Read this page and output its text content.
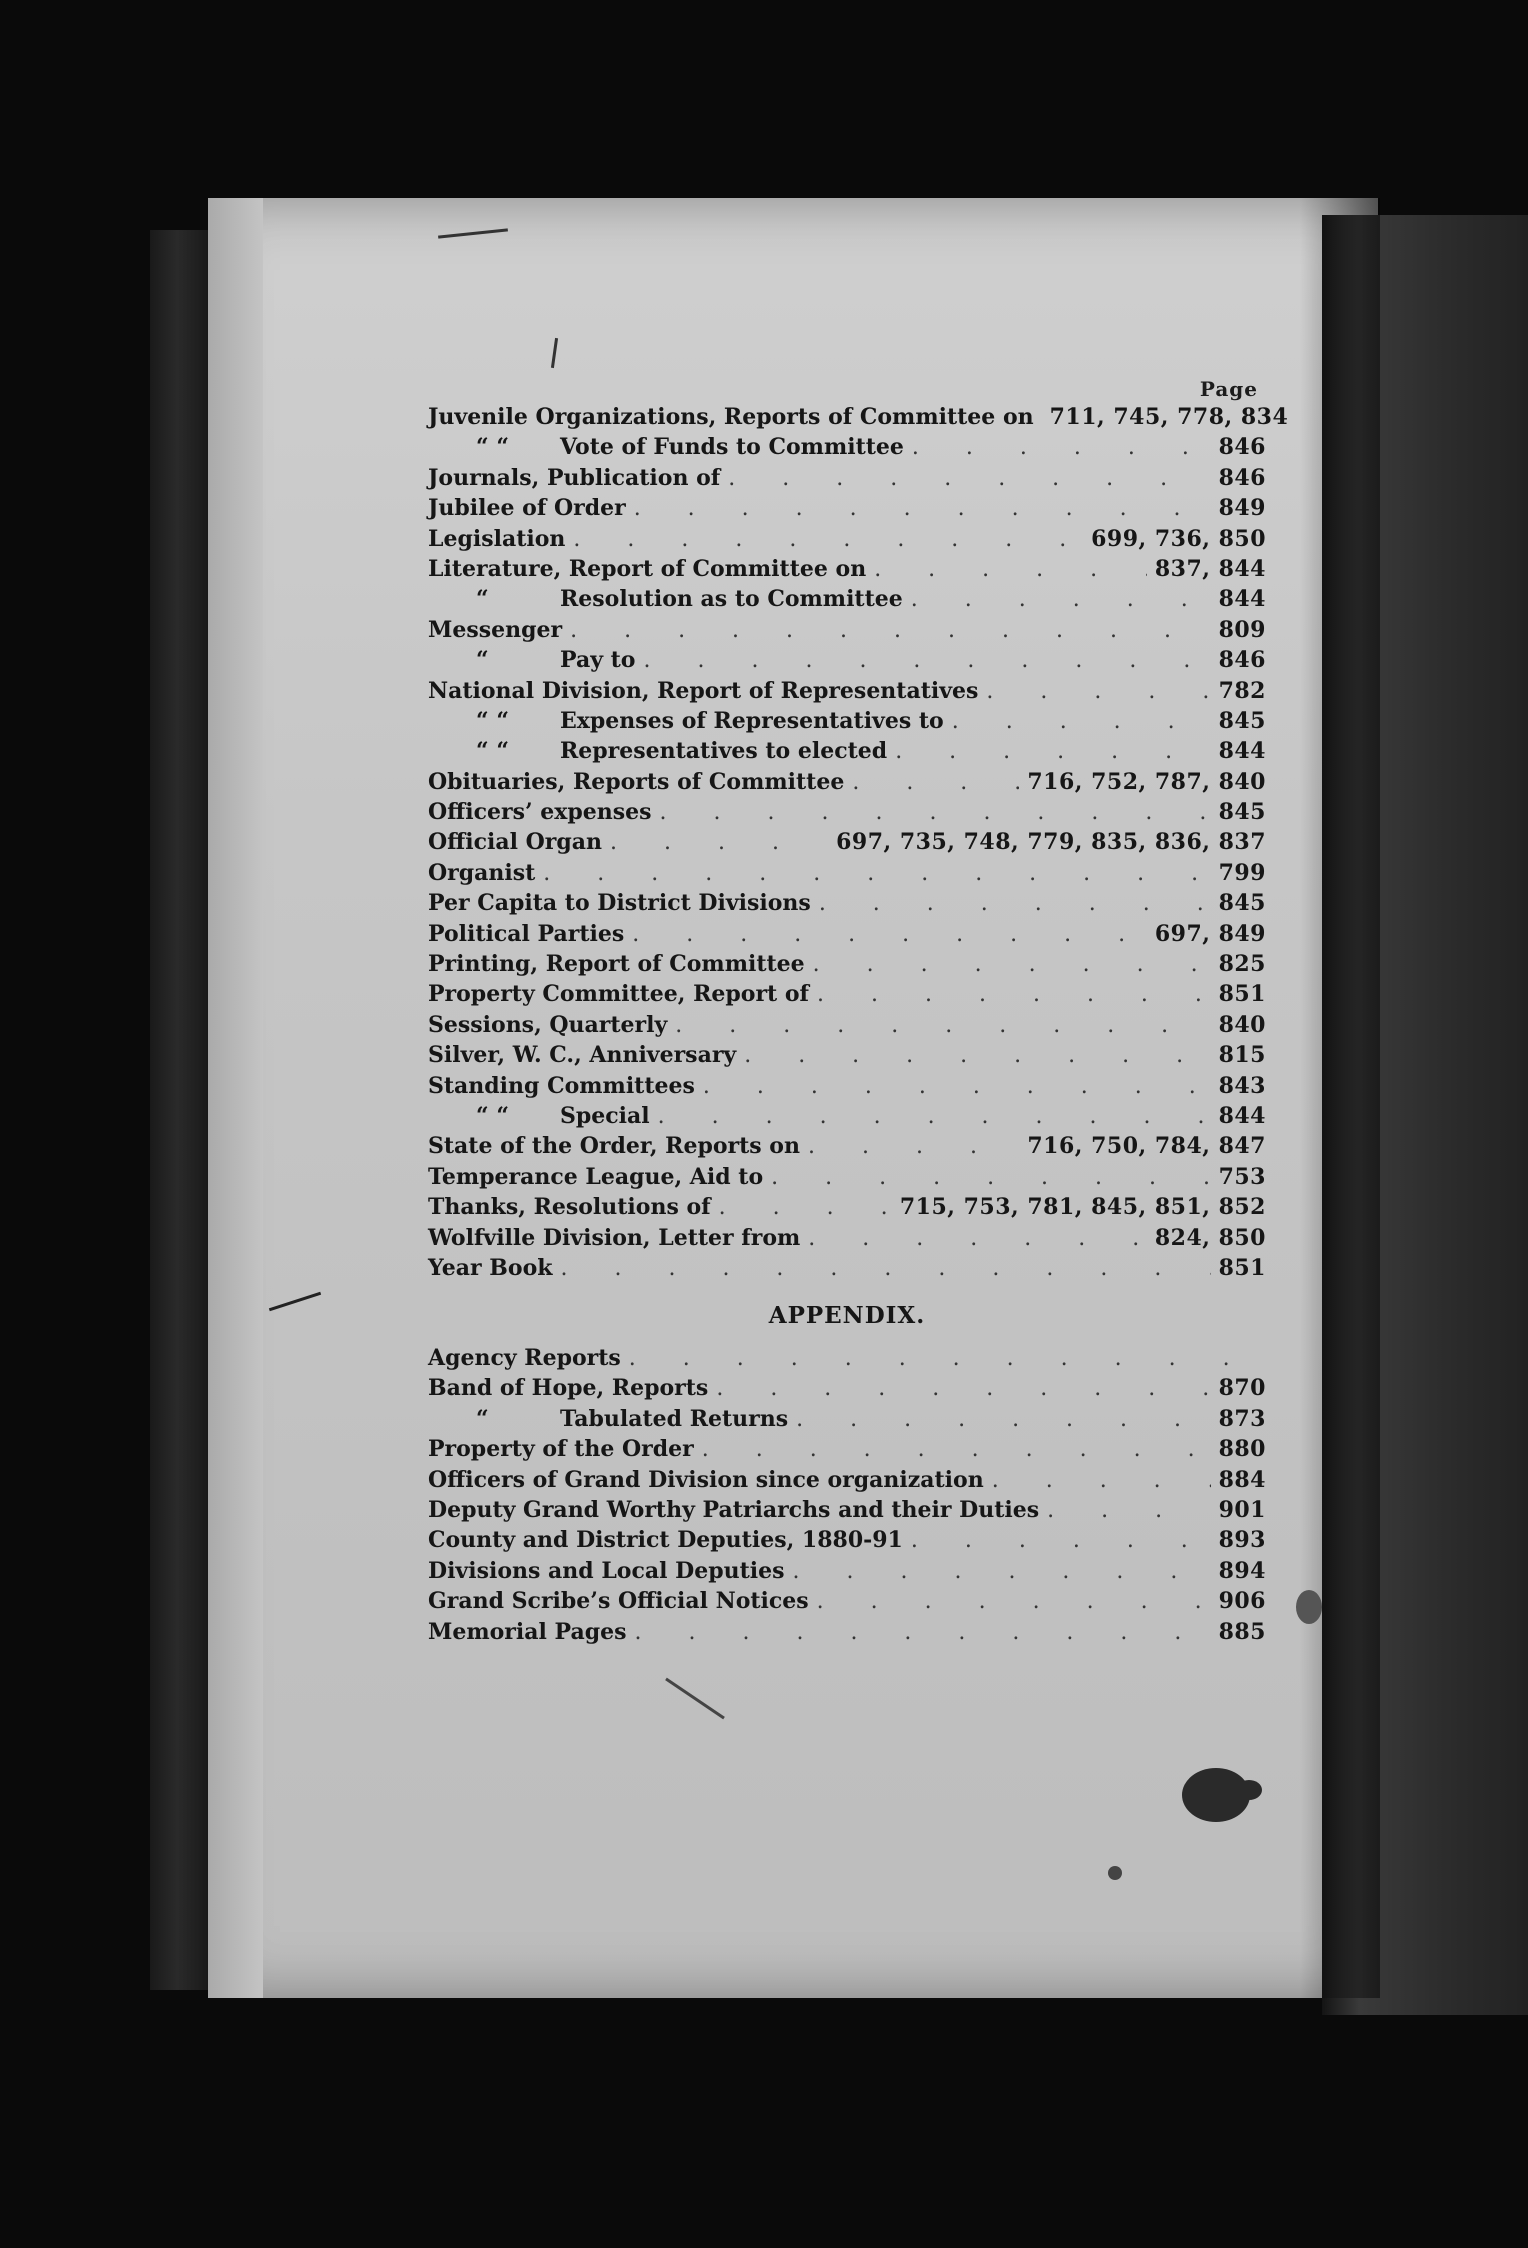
Page
Juvenile Organizations, Reports of Committee on 711, 745, 778, 834
“ “ Vote of Funds to Committee . . .	846
Journals, Publication of . . .	846
Jubilee of Order . . .	849
Legislation . . .	699, 736, 850
Literature, Report of Committee on . . .	837, 844
“	Resolution as to Committee . . .	844
Messenger . . .	809
“	Pay to . . .	846
National Division, Report of Representatives . . .	782
“ “ Expenses of Representatives to . . .	845
“ “ Representatives to elected . . .	844
Obituaries, Reports of Committee . . .	716, 752, 787, 840
Officers’ expenses . . .	845
Official Organ . . .	697, 735, 748, 779, 835, 836, 837
Organist . . .	799
Per Capita to District Divisions . . .	845
Political Parties . . .	697, 849
Printing, Report of Committee . . .	825
Property Committee, Report of . . .	851
Sessions, Quarterly . . .	840
Silver, W. C., Anniversary . . .	815
Standing Committees . . .	843
“ “ Special . . .	844
State of the Order, Reports on . . .	716, 750, 784, 847
Temperance League, Aid to . . .	753
Thanks, Resolutions of . . .	715, 753, 781, 845, 851, 852
Wolfville Division, Letter from . . .	824, 850
Year Book . . .	851
APPENDIX.
Agency Reports
. . .
Band of Hope, Reports . . .	870
“	Tabulated Returns . . .	873
Property of the Order . . .	880
Officers of Grand Division since organization . . .	884
Deputy Grand Worthy Patriarchs and their Duties . . .	901
County and District Deputies, 1880-91 . . .	893
Divisions and Local Deputies . . .	894
Grand Scribe’s Official Notices . . .	906
Memorial Pages . . .	885
